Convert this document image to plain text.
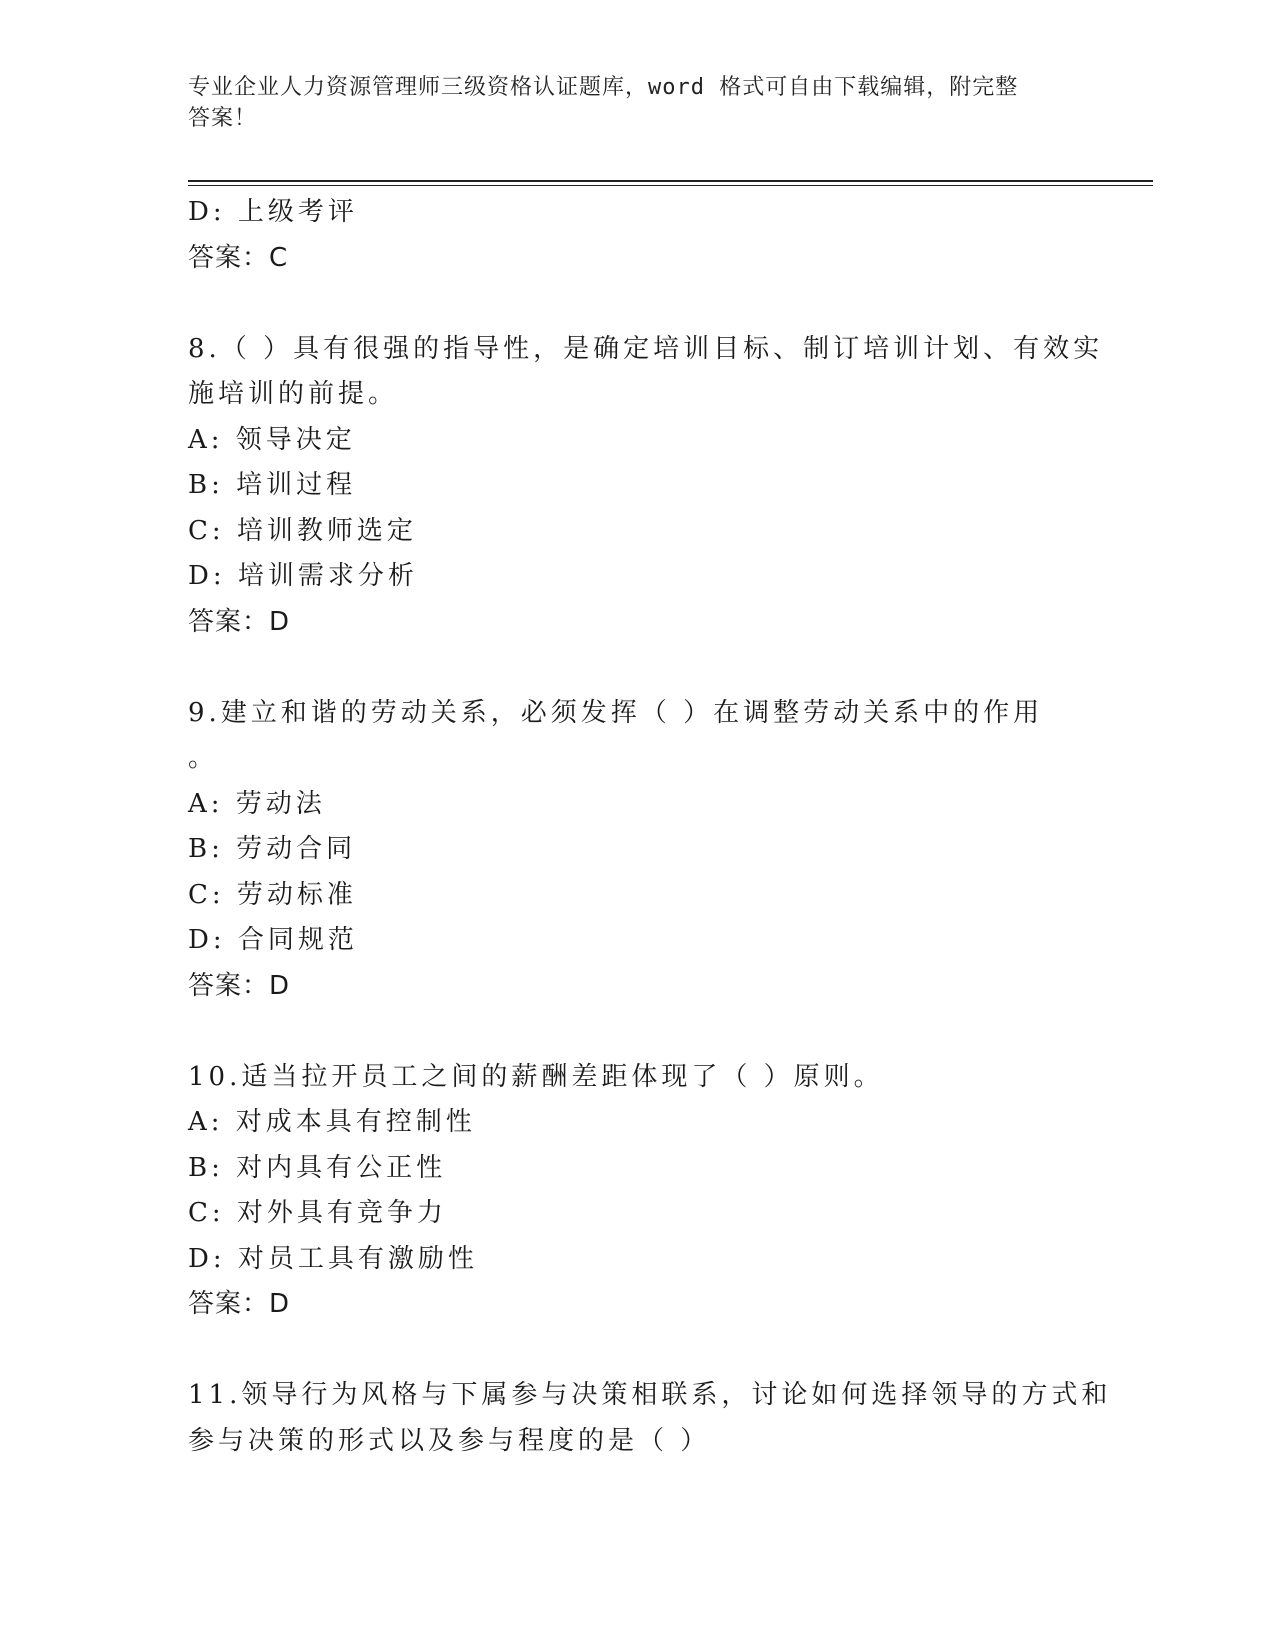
专业企业人力资源管理师三级资格认证题库，word 格式可自由下载编辑，附完整
答案！
D: 上级考评
答案：C
8.（ ）具有很强的指导性，是确定培训目标、制订培训计划、有效实
施培训的前提。
A: 领导决定
B: 培训过程
C: 培训教师选定
D: 培训需求分析
答案：D
9.建立和谐的劳动关系，必须发挥（ ）在调整劳动关系中的作用
。
A: 劳动法
B: 劳动合同
C: 劳动标准
D: 合同规范
答案：D
10.适当拉开员工之间的薪酬差距体现了（ ）原则。
A: 对成本具有控制性
B: 对内具有公正性
C: 对外具有竞争力
D: 对员工具有激励性
答案：D
11.领导行为风格与下属参与决策相联系，讨论如何选择领导的方式和
参与决策的形式以及参与程度的是（ ）
